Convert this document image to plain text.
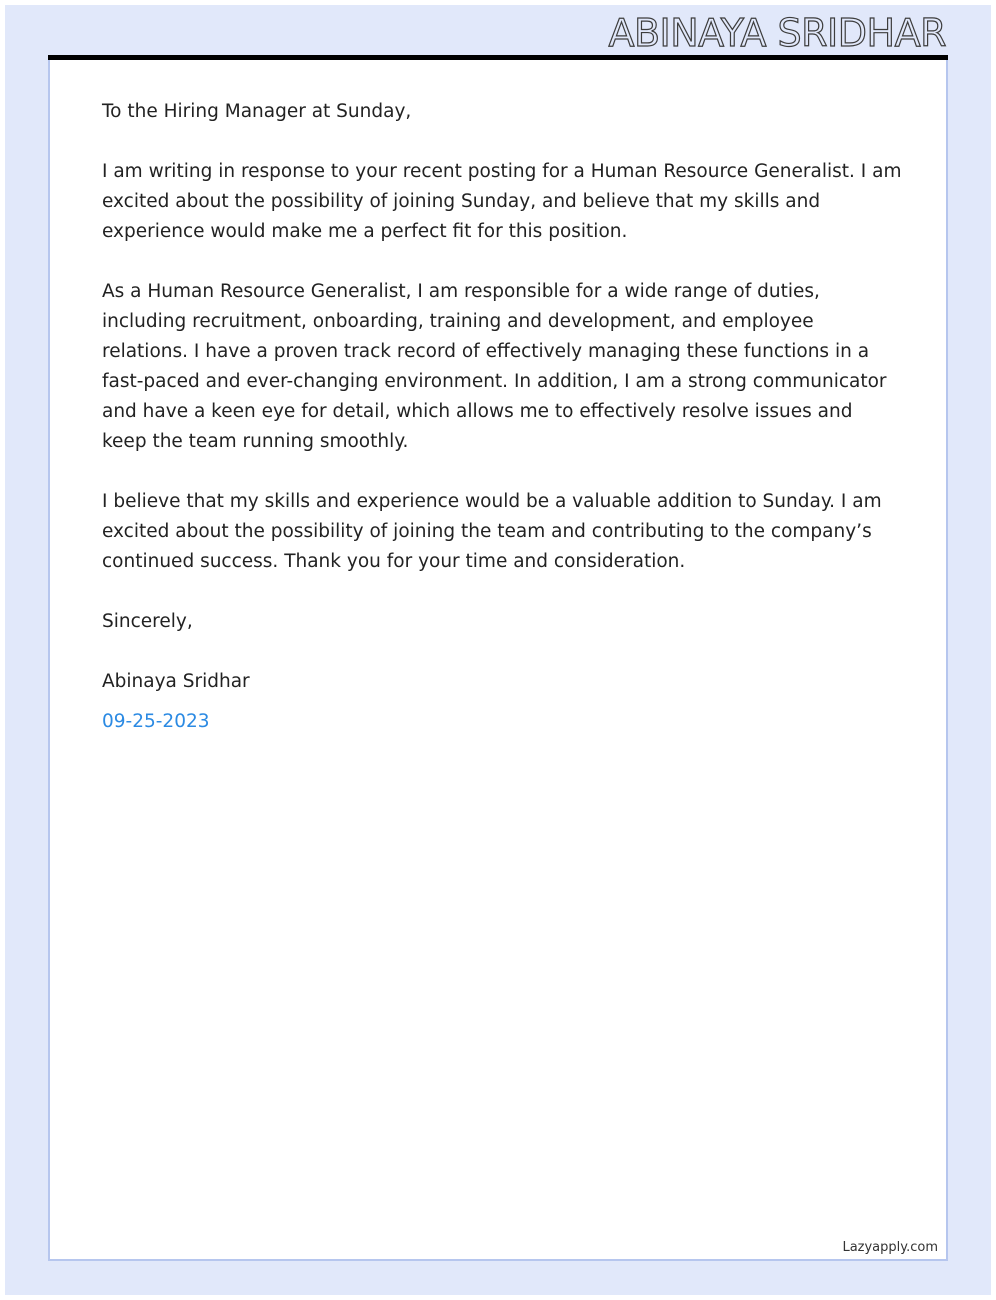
ABINAYA SRIDHAR

To the Hiring Manager at Sunday,

I am writing in response to your recent posting for a Human Resource Generalist. I am excited about the possibility of joining Sunday, and believe that my skills and experience would make me a perfect fit for this position.

As a Human Resource Generalist, I am responsible for a wide range of duties, including recruitment, onboarding, training and development, and employee relations. I have a proven track record of effectively managing these functions in a fast-paced and ever-changing environment. In addition, I am a strong communicator and have a keen eye for detail, which allows me to effectively resolve issues and keep the team running smoothly.

I believe that my skills and experience would be a valuable addition to Sunday. I am excited about the possibility of joining the team and contributing to the company’s continued success. Thank you for your time and consideration.

Sincerely,

Abinaya Sridhar

09-25-2023

Lazyapply.com
